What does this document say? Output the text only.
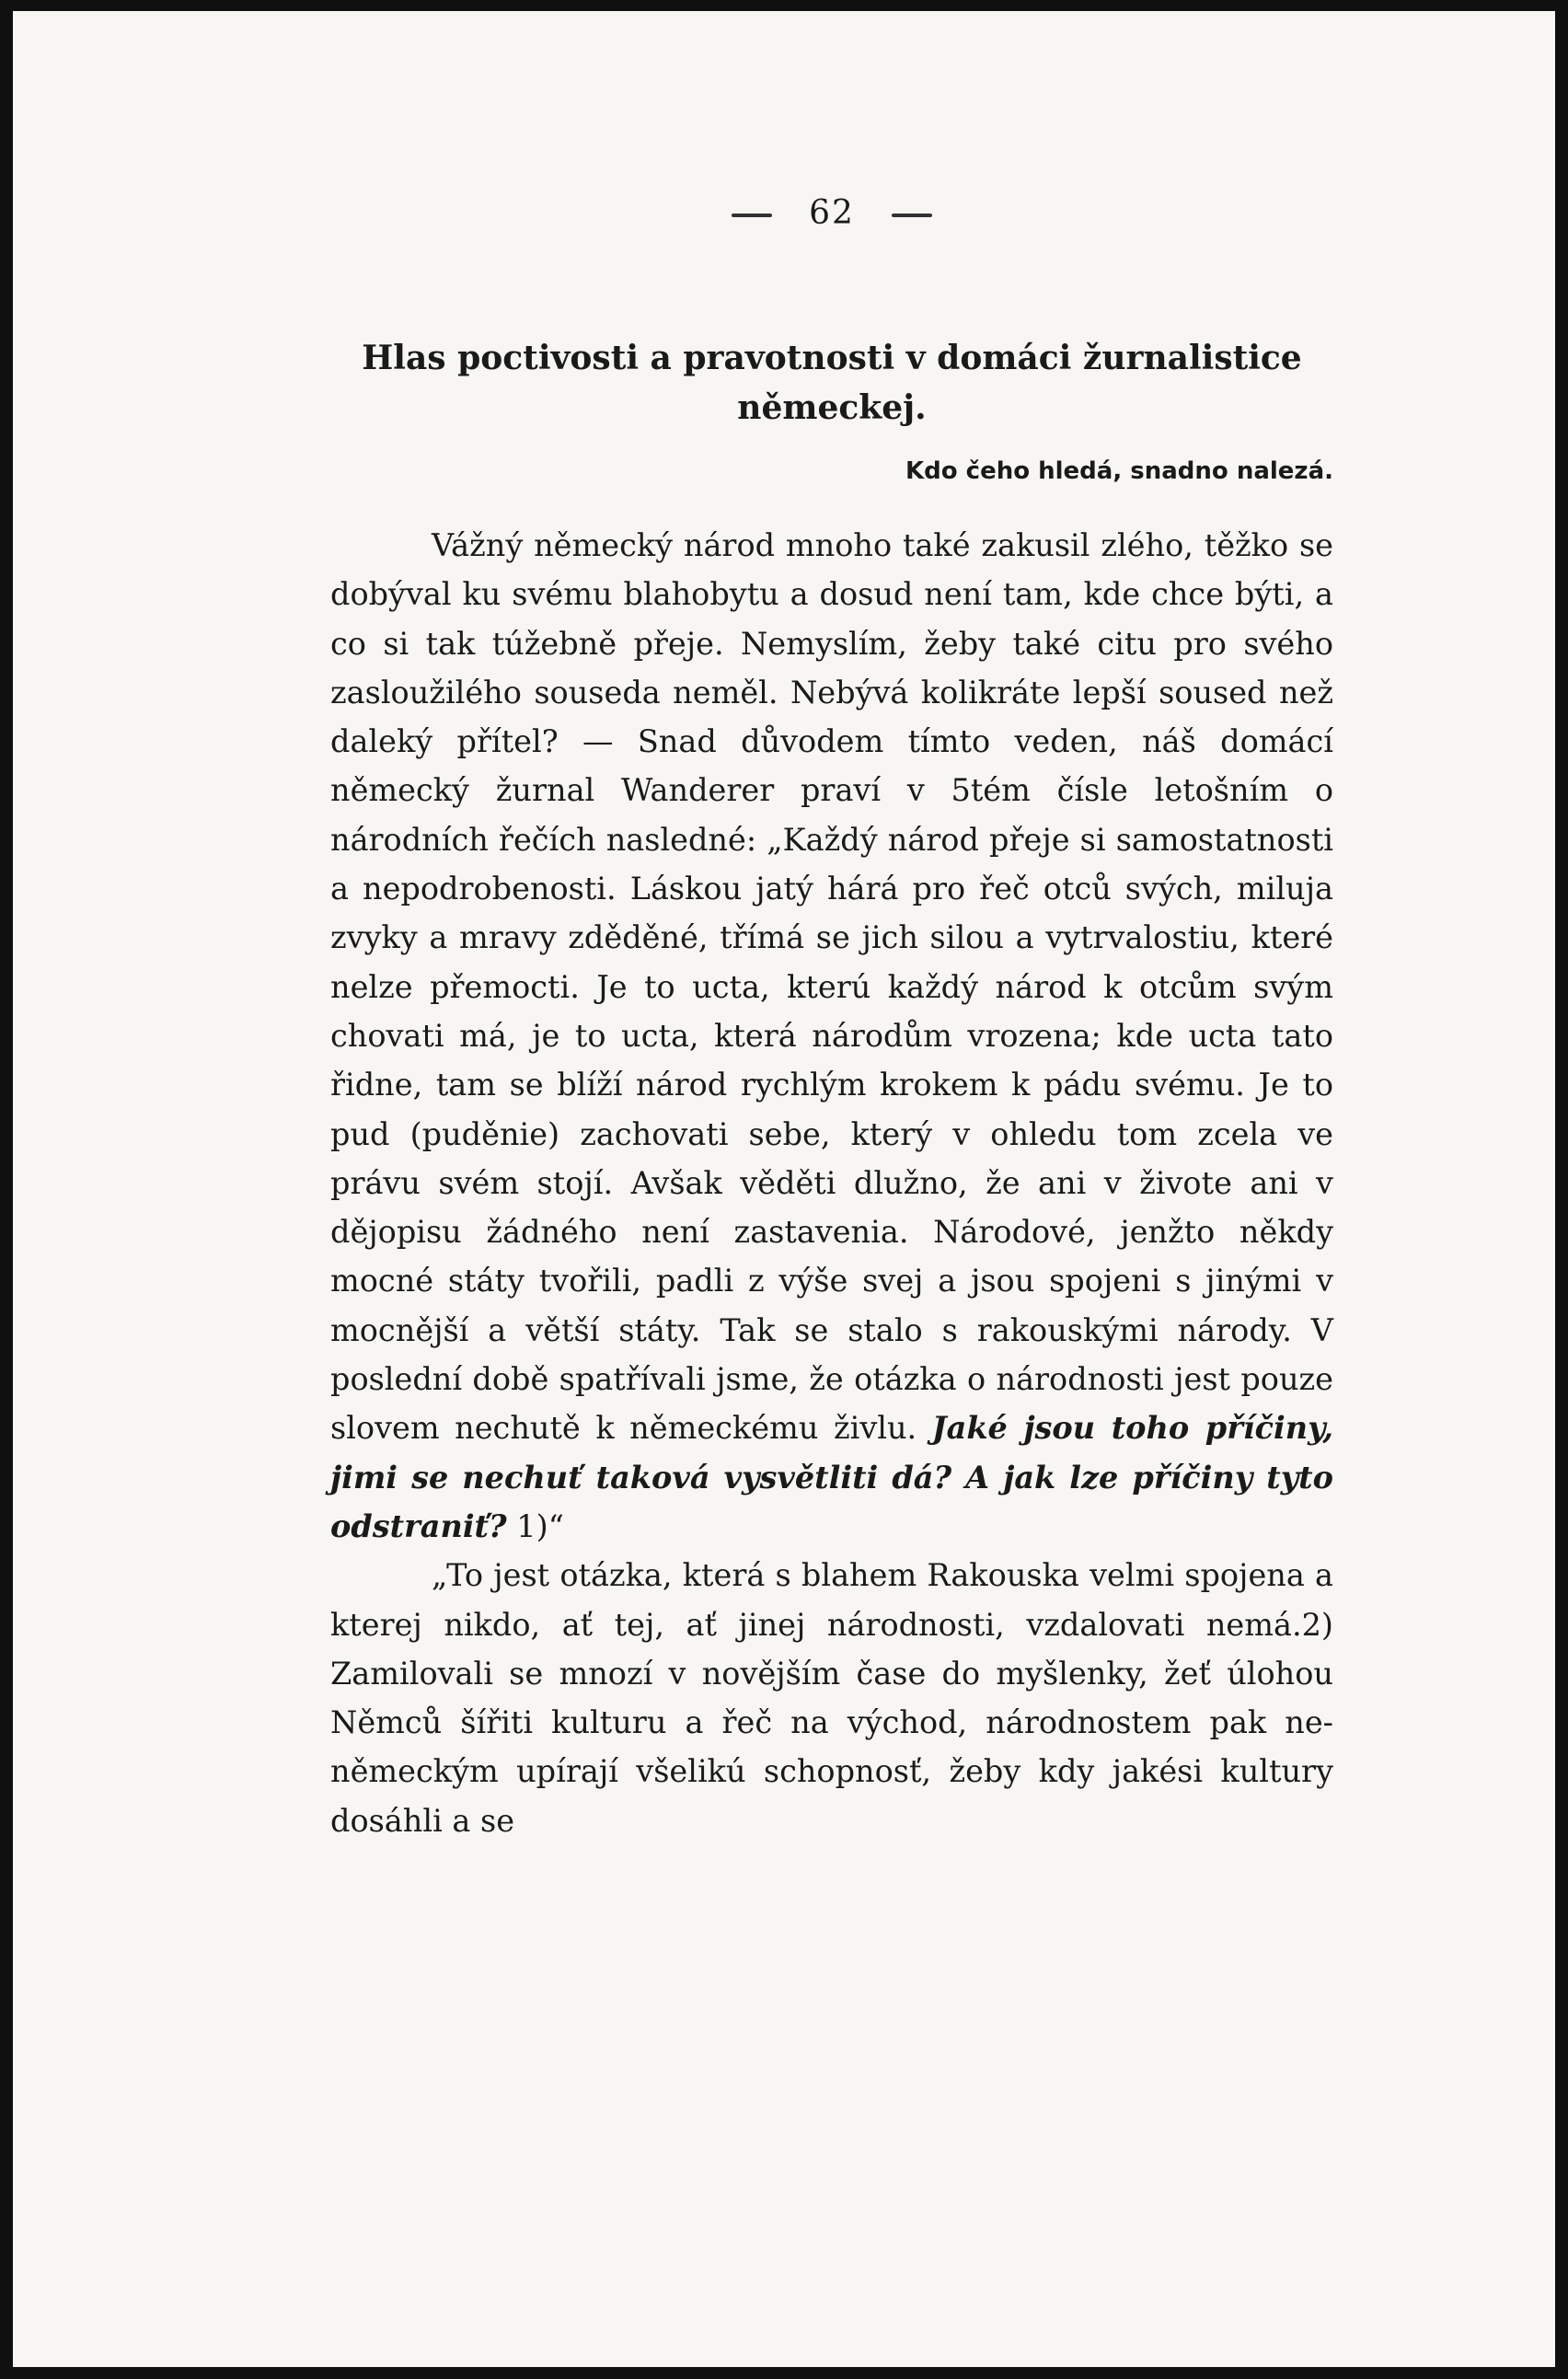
62

Hlas poctivosti a pravotnosti v domáci žurnalistice německej.

Kdo čeho hledá, snadno nalezá.

Vážný německý národ mnoho také zakusil zlého, těžko se dobýval ku svému blahobytu a dosud není tam, kde chce býti, a co si tak túžebně přeje. Nemyslím, žeby také citu pro svého zasloužilého souseda neměl. Nebývá kolikráte lepší soused než daleký přítel? — Snad důvodem tímto veden, náš domácí německý žurnal Wanderer praví v 5tém čísle letošním o národních řečích nasledné: „Každý národ přeje si samostatnosti a nepodrobenosti. Láskou jatý hárá pro řeč otců svých, miluja zvyky a mravy zděděné, třímá se jich silou a vytrvalostiu, které nelze přemocti. Je to ucta, kterú každý národ k otcům svým chovati má, je to ucta, která národům vrozena; kde ucta tato řidne, tam se blíží národ rychlým krokem k pádu svému. Je to pud (puděnie) zachovati sebe, který v ohledu tom zcela ve právu svém stojí. Avšak věděti dlužno, že ani v živote ani v dějopisu žádného není zastavenia. Národové, jenžto někdy mocné státy tvořili, padli z výše svej a jsou spojeni s jinými v mocnější a větší státy. Tak se stalo s rakouskými národy. V poslední době spatřívali jsme, že otázka o národnosti jest pouze slovem nechutě k německému živlu. Jaké jsou toho příčiny, jimi se nechuť taková vysvětliti dá? A jak lze příčiny tyto odstraniť? 1)“

„To jest otázka, která s blahem Rakouska velmi spojena a kterej nikdo, ať tej, ať jinej národnosti, vzdalovati nemá.2) Zamilovali se mnozí v novějším čase do myšlenky, žeť úlohou Němců šířiti kulturu a řeč na východ, národnostem pak ne-německým upírají všelikú schopnosť, žeby kdy jakési kultury dosáhli a se
